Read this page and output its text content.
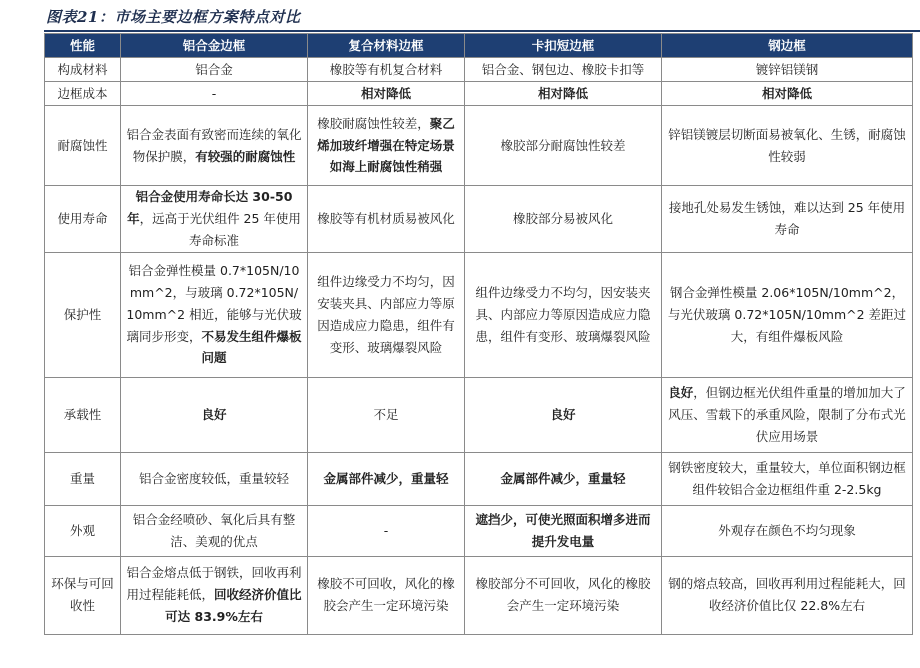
图表21：市场主要边框方案特点对比
性能	铝合金边框	复合材料边框	卡扣短边框	钢边框
构成材料	铝合金	橡胶等有机复合材料	铝合金、钢包边、橡胶卡扣等	镀锌铝镁钢
边框成本	-	相对降低	相对降低	相对降低
耐腐蚀性	铝合金表面有致密而连续的氧化物保护膜，有较强的耐腐蚀性	橡胶耐腐蚀性较差，聚乙烯加玻纤增强在特定场景如海上耐腐蚀性稍强	橡胶部分耐腐蚀性较差	锌铝镁镀层切断面易被氧化、生锈，耐腐蚀性较弱
使用寿命	铝合金使用寿命长达 30-50 年，远高于光伏组件 25 年使用寿命标准	橡胶等有机材质易被风化	橡胶部分易被风化	接地孔处易发生锈蚀，难以达到 25 年使用寿命
保护性	铝合金弹性模量 0.7*105N/10mm^2，与玻璃 0.72*105N/10mm^2 相近，能够与光伏玻璃同步形变，不易发生组件爆板问题	组件边缘受力不均匀，因安装夹具、内部应力等原因造成应力隐患，组件有变形、玻璃爆裂风险	组件边缘受力不均匀，因安装夹具、内部应力等原因造成应力隐患，组件有变形、玻璃爆裂风险	钢合金弹性模量 2.06*105N/10mm^2，与光伏玻璃 0.72*105N/10mm^2 差距过大，有组件爆板风险
承载性	良好	不足	良好	良好，但钢边框光伏组件重量的增加加大了风压、雪载下的承重风险，限制了分布式光伏应用场景
重量	铝合金密度较低，重量较轻	金属部件减少，重量轻	金属部件减少，重量轻	钢铁密度较大，重量较大，单位面积钢边框组件较铝合金边框组件重 2-2.5kg
外观	铝合金经喷砂、氧化后具有整洁、美观的优点	-	遮挡少，可使光照面积增多进而提升发电量	外观存在颜色不均匀现象
环保与可回收性	铝合金熔点低于钢铁，回收再利用过程能耗低，回收经济价值比可达 83.9%左右	橡胶不可回收，风化的橡胶会产生一定环境污染	橡胶部分不可回收，风化的橡胶会产生一定环境污染	钢的熔点较高，回收再利用过程能耗大，回收经济价值比仅 22.8%左右
